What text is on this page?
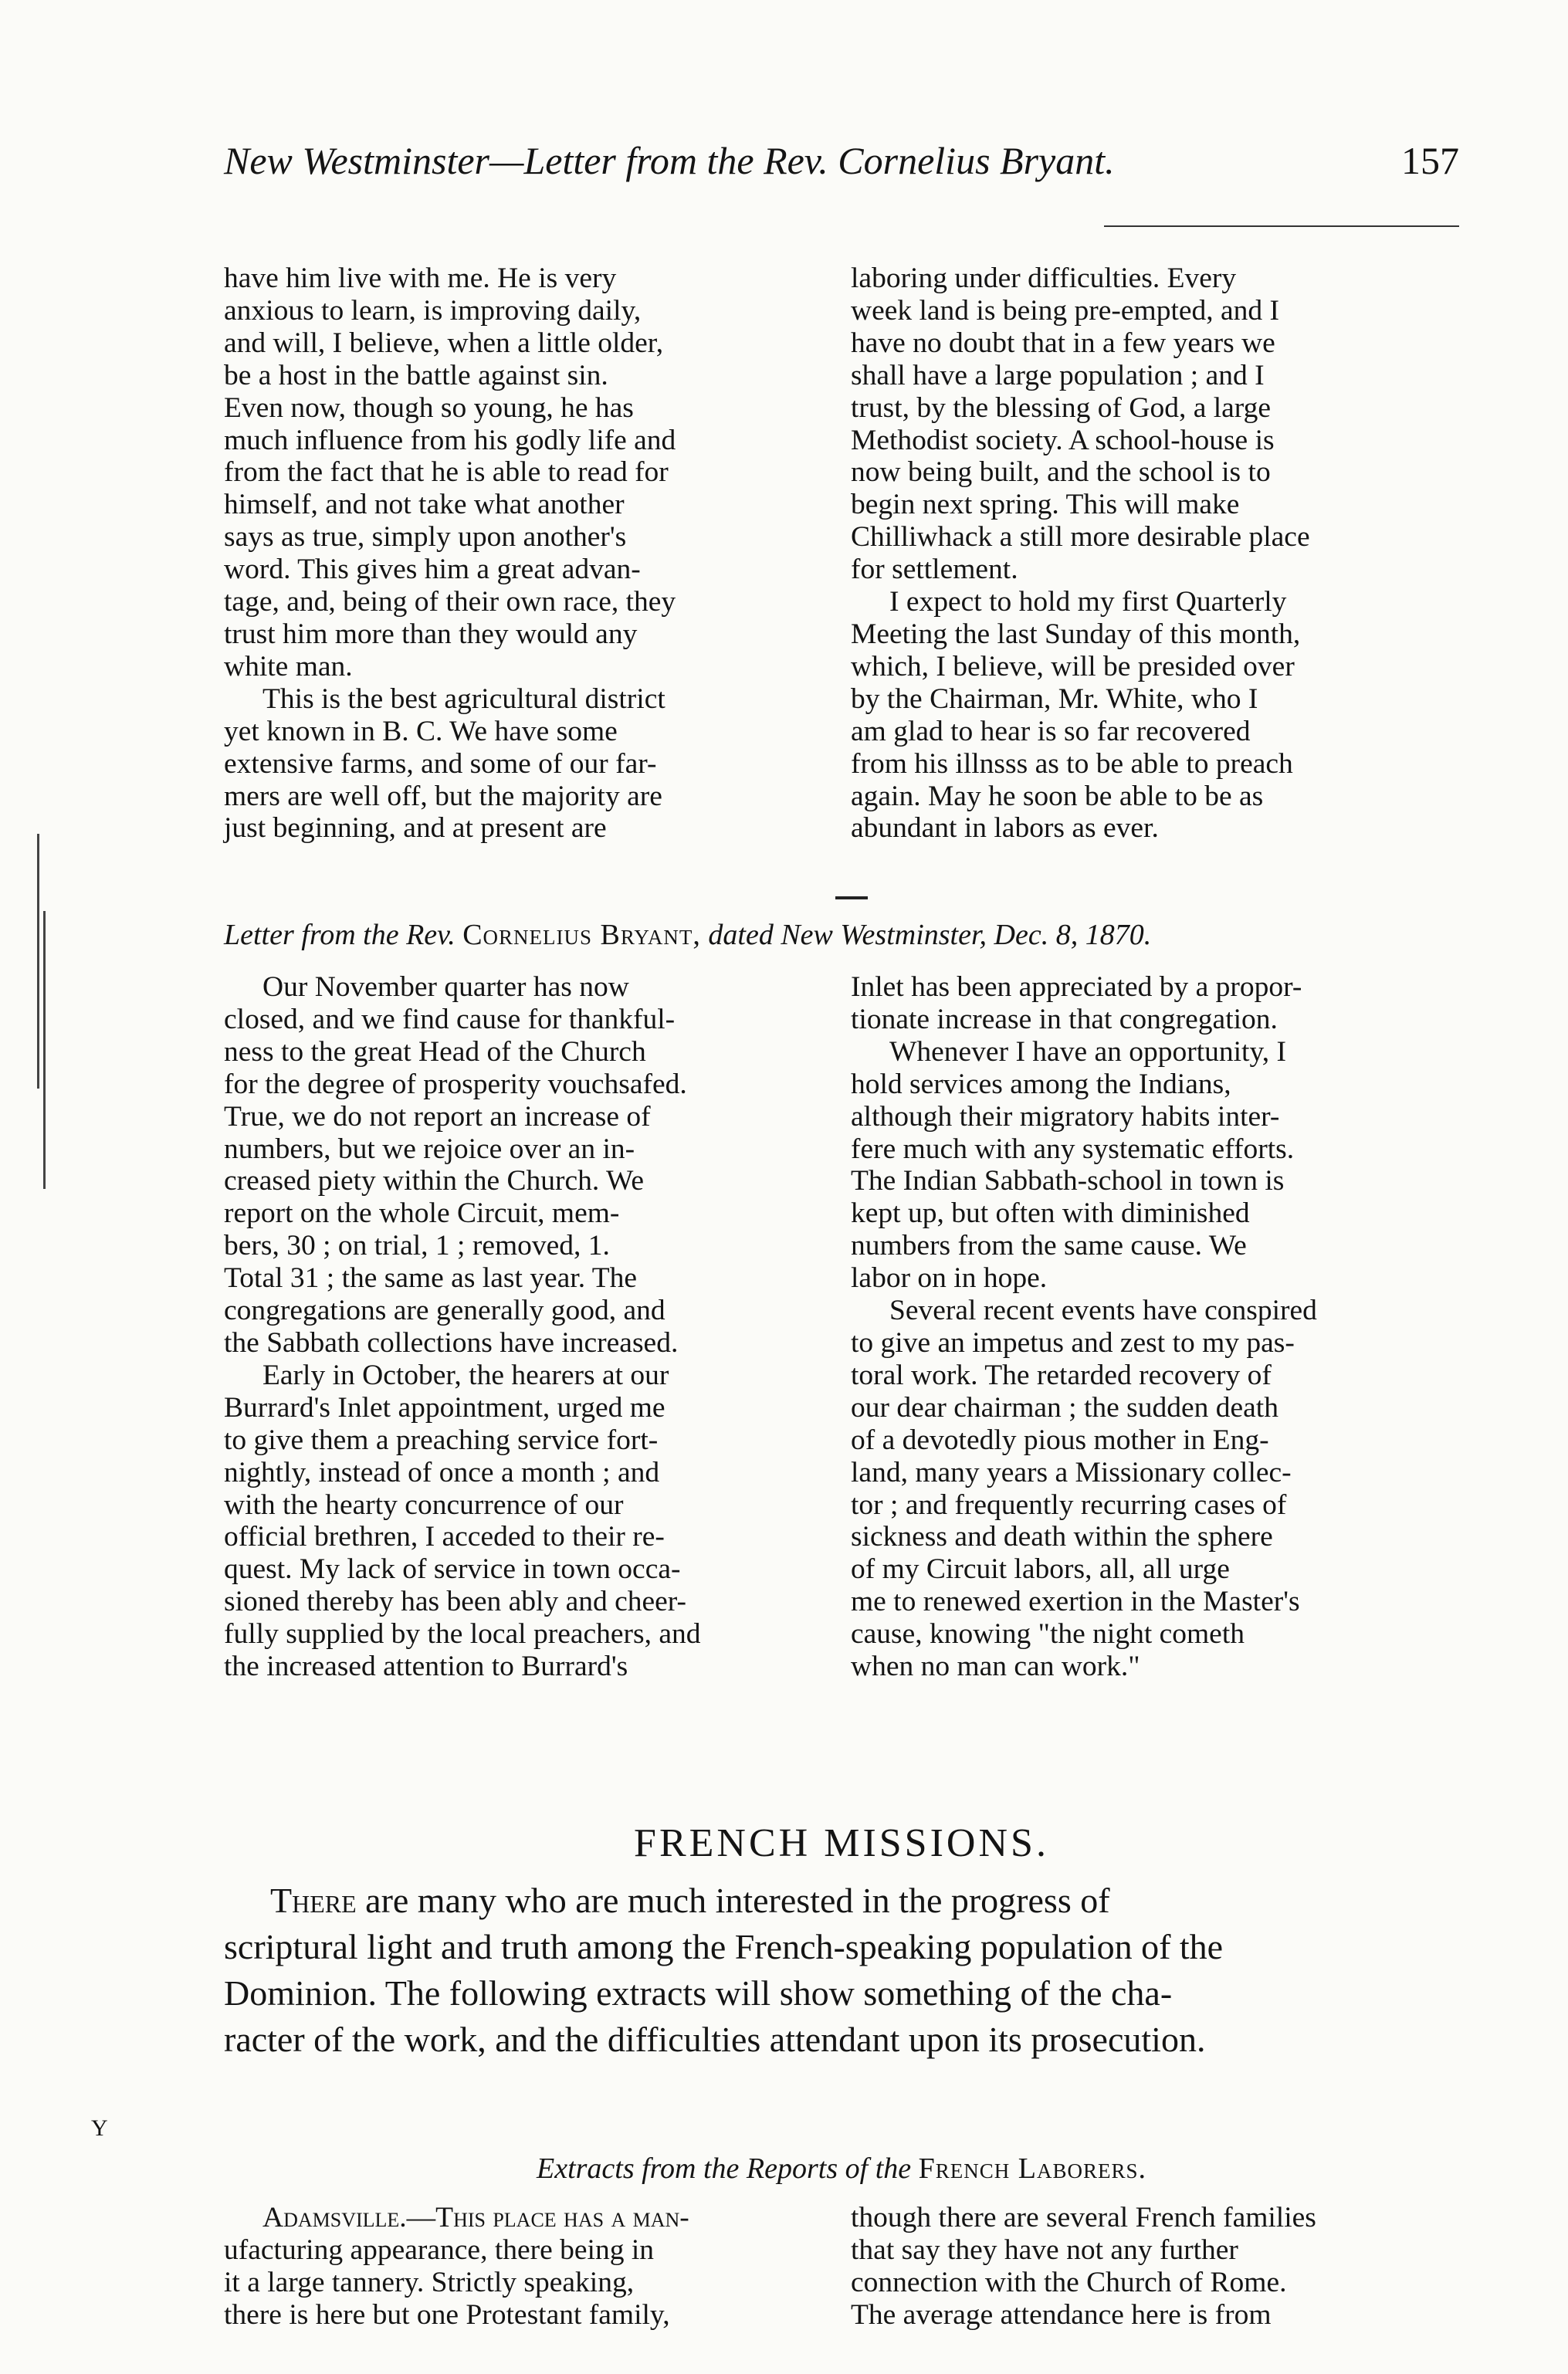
New Westminster—Letter from the Rev. Cornelius Bryant.	157

have him live with me. He is very
anxious to learn, is improving daily,
and will, I believe, when a little older,
be a host in the battle against sin.
Even now, though so young, he has
much influence from his godly life and
from the fact that he is able to read for
himself, and not take what another
says as true, simply upon another's
word. This gives him a great advan-
tage, and, being of their own race, they
trust him more than they would any
white man.

This is the best agricultural district
yet known in B. C. We have some
extensive farms, and some of our far-
mers are well off, but the majority are
just beginning, and at present are

laboring under difficulties. Every
week land is being pre-empted, and I
have no doubt that in a few years we
shall have a large population ; and I
trust, by the blessing of God, a large
Methodist society. A school-house is
now being built, and the school is to
begin next spring. This will make
Chilliwhack a still more desirable place
for settlement.

I expect to hold my first Quarterly
Meeting the last Sunday of this month,
which, I believe, will be presided over
by the Chairman, Mr. White, who I
am glad to hear is so far recovered
from his illnsss as to be able to preach
again. May he soon be able to be as
abundant in labors as ever.

Letter from the Rev. Cornelius Bryant, dated New Westminster, Dec. 8, 1870.
Our November quarter has now
closed, and we find cause for thankful-
ness to the great Head of the Church
for the degree of prosperity vouchsafed.
True, we do not report an increase of
numbers, but we rejoice over an in-
creased piety within the Church. We
report on the whole Circuit, mem-
bers, 30 ; on trial, 1 ; removed, 1.
Total 31 ; the same as last year. The
congregations are generally good, and
the Sabbath collections have increased.
Early in October, the hearers at our
Burrard's Inlet appointment, urged me
to give them a preaching service fort-
nightly, instead of once a month ; and
with the hearty concurrence of our
official brethren, I acceded to their re-
quest. My lack of service in town occa-
sioned thereby has been ably and cheer-
fully supplied by the local preachers, and
the increased attention to Burrard's
Inlet has been appreciated by a propor-
tionate increase in that congregation.
Whenever I have an opportunity, I
hold services among the Indians,
although their migratory habits inter-
fere much with any systematic efforts.
The Indian Sabbath-school in town is
kept up, but often with diminished
numbers from the same cause. We
labor on in hope.
Several recent events have conspired
to give an impetus and zest to my pas-
toral work. The retarded recovery of
our dear chairman ; the sudden death
of a devotedly pious mother in Eng-
land, many years a Missionary collec-
tor ; and frequently recurring cases of
sickness and death within the sphere
of my Circuit labors, all, all urge
me to renewed exertion in the Master's
cause, knowing "the night cometh
when no man can work."
FRENCH MISSIONS.
There are many who are much interested in the progress of
scriptural light and truth among the French-speaking population of the
Dominion. The following extracts will show something of the cha-
racter of the work, and the difficulties attendant upon its prosecution.
Extracts from the Reports of the French Laborers.
Adamsville.—This place has a man-
ufacturing appearance, there being in
it a large tannery. Strictly speaking,
there is here but one Protestant family,
though there are several French families
that say they have not any further
connection with the Church of Rome.
The average attendance here is from
Y
